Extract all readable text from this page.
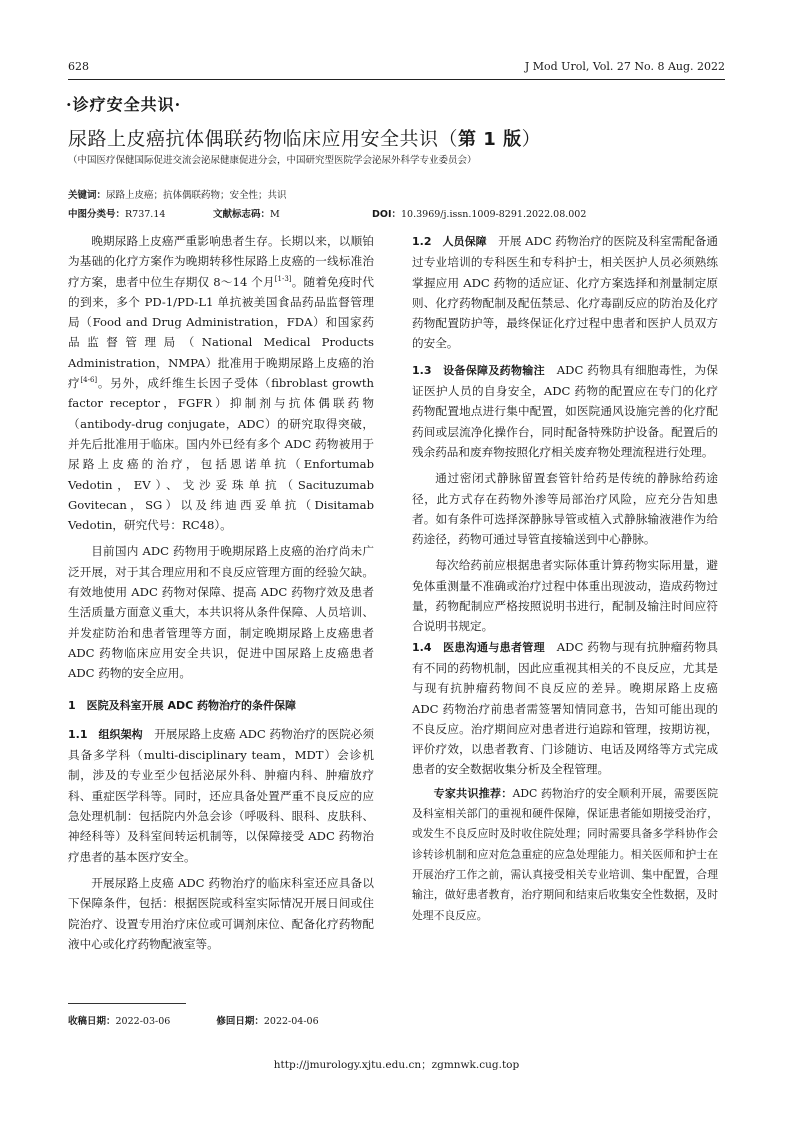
628	J Mod Urol, Vol. 27 No. 8 Aug. 2022
·诊疗安全共识·
尿路上皮癌抗体偶联药物临床应用安全共识（第 1 版）
（中国医疗保健国际促进交流会泌尿健康促进分会，中国研究型医院学会泌尿外科学专业委员会）
关键词：尿路上皮癌；抗体偶联药物；安全性；共识
中图分类号：R737.14	文献标志码：M	DOI：10.3969/j.issn.1009-8291.2022.08.002

晚期尿路上皮癌严重影响患者生存。长期以来，以顺铂为基础的化疗方案作为晚期转移性尿路上皮癌的一线标准治疗方案，患者中位生存期仅 8～14 个月[1-3]。随着免疫时代的到来，多个 PD-1/PD-L1 单抗被美国食品药品监督管理局（Food and Drug Administration，FDA）和国家药品监督管理局（National Medical Products Administration，NMPA）批准用于晚期尿路上皮癌的治疗[4-6]。另外，成纤维生长因子受体（fibroblast growth factor receptor，FGFR）抑制剂与抗体偶联药物（antibody-drug conjugate，ADC）的研究取得突破，并先后批准用于临床。国内外已经有多个 ADC 药物被用于尿路上皮癌的治疗，包括恩诺单抗（Enfortumab Vedotin，EV）、戈沙妥珠单抗（Sacituzumab Govitecan，SG）以及纬迪西妥单抗（Disitamab Vedotin，研究代号：RC48）。

目前国内 ADC 药物用于晚期尿路上皮癌的治疗尚未广泛开展，对于其合理应用和不良反应管理方面的经验欠缺。有效地使用 ADC 药物对保障、提高 ADC 药物疗效及患者生活质量方面意义重大，本共识将从条件保障、人员培训、并发症防治和患者管理等方面，制定晚期尿路上皮癌患者 ADC 药物临床应用安全共识，促进中国尿路上皮癌患者 ADC 药物的安全应用。

1　医院及科室开展 ADC 药物治疗的条件保障

1.1　组织架构　开展尿路上皮癌 ADC 药物治疗的医院必须具备多学科（multi-disciplinary team，MDT）会诊机制，涉及的专业至少包括泌尿外科、肿瘤内科、肿瘤放疗科、重症医学科等。同时，还应具备处置严重不良反应的应急处理机制：包括院内外急会诊（呼吸科、眼科、皮肤科、神经科等）及科室间转运机制等，以保障接受 ADC 药物治疗患者的基本医疗安全。

开展尿路上皮癌 ADC 药物治疗的临床科室还应具备以下保障条件，包括：根据医院或科室实际情况开展日间或住院治疗、设置专用治疗床位或可调剂床位、配备化疗药物配液中心或化疗药物配液室等。

1.2　人员保障　开展 ADC 药物治疗的医院及科室需配备通过专业培训的专科医生和专科护士，相关医护人员必须熟练掌握应用 ADC 药物的适应证、化疗方案选择和剂量制定原则、化疗药物配制及配伍禁忌、化疗毒副反应的防治及化疗药物配置防护等，最终保证化疗过程中患者和医护人员双方的安全。

1.3　设备保障及药物输注　ADC 药物具有细胞毒性，为保证医护人员的自身安全，ADC 药物的配置应在专门的化疗药物配置地点进行集中配置，如医院通风设施完善的化疗配药间或层流净化操作台，同时配备特殊防护设备。配置后的残余药品和废弃物按照化疗相关废弃物处理流程进行处理。

通过密闭式静脉留置套管针给药是传统的静脉给药途径，此方式存在药物外渗等局部治疗风险，应充分告知患者。如有条件可选择深静脉导管或植入式静脉输液港作为给药途径，药物可通过导管直接输送到中心静脉。

每次给药前应根据患者实际体重计算药物实际用量，避免体重测量不准确或治疗过程中体重出现波动，造成药物过量，药物配制应严格按照说明书进行，配制及输注时间应符合说明书规定。

1.4　医患沟通与患者管理　ADC 药物与现有抗肿瘤药物具有不同的药物机制，因此应重视其相关的不良反应，尤其是与现有抗肿瘤药物间不良反应的差异。晚期尿路上皮癌 ADC 药物治疗前患者需签署知情同意书，告知可能出现的不良反应。治疗期间应对患者进行追踪和管理，按期访视，评价疗效，以患者教育、门诊随访、电话及网络等方式完成患者的安全数据收集分析及全程管理。

专家共识推荐：ADC 药物治疗的安全顺利开展，需要医院及科室相关部门的重视和硬件保障，保证患者能如期接受治疗，或发生不良反应时及时收住院处理；同时需要具备多学科协作会诊转诊机制和应对危急重症的应急处理能力。相关医师和护士在开展治疗工作之前，需认真接受相关专业培训、集中配置，合理输注，做好患者教育，治疗期间和结束后收集安全性数据，及时处理不良反应。
收稿日期：2022-03-06	修回日期：2022-04-06
http://jmurology.xjtu.edu.cn；zgmnwk.cug.top
